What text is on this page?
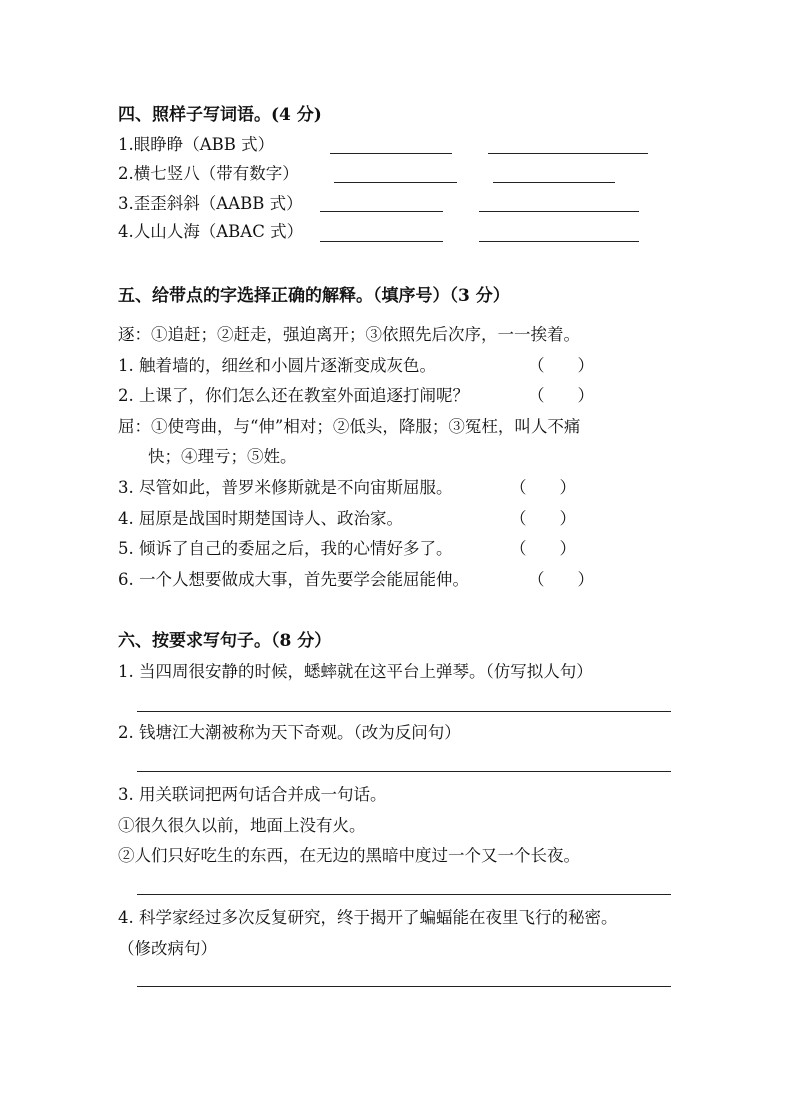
四、照样子写词语。(4 分)
1.眼睁睁（ABB 式）
2.横七竖八（带有数字）
3.歪歪斜斜（AABB 式）
4.人山人海（ABAC 式）
五、给带点的字选择正确的解释。（填序号）（3 分）
逐：①追赶；②赶走，强迫离开；③依照先后次序，一一挨着。
1. 触着墙的，细丝和小圆片逐渐变成灰色。	（　　）
2. 上课了，你们怎么还在教室外面追逐打闹呢？	（　　）
屈：①使弯曲，与“伸”相对；②低头，降服；③冤枉，叫人不痛
快；④理亏；⑤姓。
3. 尽管如此，普罗米修斯就是不向宙斯屈服。	（　　）
4. 屈原是战国时期楚国诗人、政治家。	（　　）
5. 倾诉了自己的委屈之后，我的心情好多了。	（　　）
6. 一个人想要做成大事，首先要学会能屈能伸。	（　　）
六、按要求写句子。（8 分）
1. 当四周很安静的时候，蟋蟀就在这平台上弹琴。（仿写拟人句）
2. 钱塘江大潮被称为天下奇观。（改为反问句）
3. 用关联词把两句话合并成一句话。
①很久很久以前，地面上没有火。
②人们只好吃生的东西，在无边的黑暗中度过一个又一个长夜。
4. 科学家经过多次反复研究，终于揭开了蝙蝠能在夜里飞行的秘密。
（修改病句）
